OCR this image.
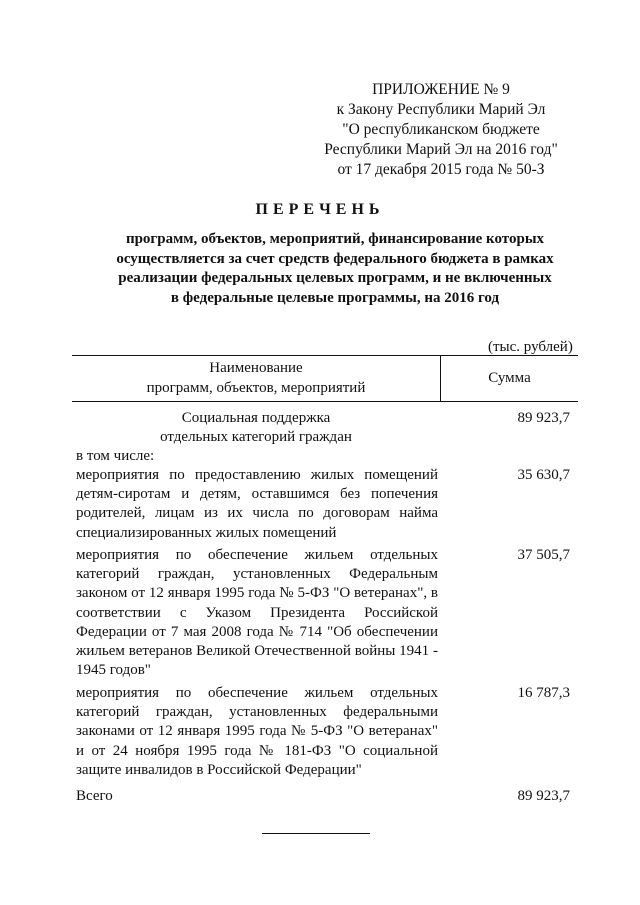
ПРИЛОЖЕНИЕ № 9
к Закону Республики Марий Эл
"О республиканском бюджете
Республики Марий Эл на 2016 год"
от 17 декабря 2015 года № 50-З
ПЕРЕЧЕНЬ
программ, объектов, мероприятий, финансирование которых
осуществляется за счет средств федерального бюджета в рамках
реализации федеральных целевых программ, и не включенных
в федеральные целевые программы, на 2016 год
(тыс. рублей)
Наименование
программ, объектов, мероприятий
Сумма
Социальная поддержка
отдельных категорий граждан
89 923,7
в том числе:
мероприятия по предоставлению жилых помещений детям-сиротам и детям, оставшимся без попечения родителей, лицам из их числа по договорам найма специализированных жилых помещений
35 630,7
мероприятия по обеспечение жильем отдельных категорий граждан, установленных Федеральным законом от 12 января 1995 года № 5-ФЗ "О ветеранах", в соответствии с Указом Президента Российской Федерации от 7 мая 2008 года № 714 "Об обеспечении жильем ветеранов Великой Отечественной войны 1941 - 1945 годов"
37 505,7
мероприятия по обеспечение жильем отдельных категорий граждан, установленных федеральными законами от 12 января 1995 года № 5-ФЗ "О ветеранах" и от 24 ноября 1995 года № 181-ФЗ "О социальной защите инвалидов в Российской Федерации"
16 787,3
Всего	89 923,7
